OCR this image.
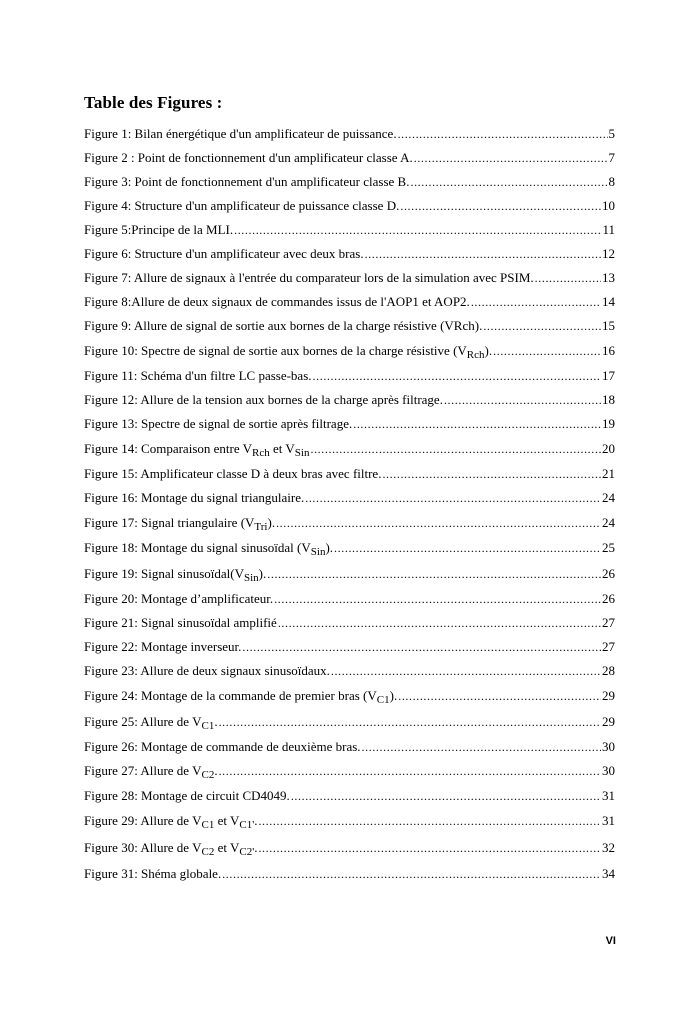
Table des Figures :
Figure 1: Bilan énergétique d'un amplificateur de puissance. .....	5
Figure 2 : Point de fonctionnement d'un amplificateur classe A. .....	7
Figure 3: Point de fonctionnement d'un amplificateur classe B. .....	8
Figure 4: Structure d'un amplificateur de puissance classe D. .....	10
Figure 5:Principe de la MLI. .....	11
Figure 6: Structure d'un amplificateur avec deux bras. .....	12
Figure 7: Allure de signaux à l'entrée du comparateur lors de la simulation avec PSIM. .....	13
Figure 8:Allure de deux signaux de commandes issus de l'AOP1 et AOP2. .....	14
Figure 9: Allure de signal de sortie aux bornes de la charge résistive (VRch). .....	15
Figure 10: Spectre de signal de sortie aux bornes de la charge résistive $(V_{Rch})$. .....	16
Figure 11: Schéma d'un filtre LC passe-bas. .....	17
Figure 12: Allure de la tension aux bornes de la charge après filtrage. .....	18
Figure 13: Spectre de signal de sortie après filtrage. .....	19
Figure 14: Comparaison entre $V_{Rch}$ et $V_{Sin}$ .....	20
Figure 15: Amplificateur classe D à deux bras avec filtre. .....	21
Figure 16: Montage du signal triangulaire. .....	24
Figure 17: Signal triangulaire $(V_{Tri})$. .....	24
Figure 18: Montage du signal sinusoïdal $(V_{Sin})$. .....	25
Figure 19: Signal $sinusoïdal(V_{Sin})$. .....	26
Figure 20: Montage d’amplificateur. .....	26
Figure 21: Signal sinusoïdal amplifié .....	27
Figure 22: Montage inverseur. .....	27
Figure 23: Allure de deux signaux sinusoïdaux. .....	28
Figure 24: Montage de la commande de premier bras $(V_{C1})$. .....	29
Figure 25: Allure de $V_{C1}$. .....	29
Figure 26: Montage de commande de deuxième bras. .....	30
Figure 27: Allure de $V_{C2}$. .....	30
Figure 28: Montage de circuit CD4049. .....	31
Figure 29: Allure de $V_{C1}$ et $V_{C1'}$. .....	31
Figure 30: Allure de $V_{C2}$ et $V_{C2'}$. .....	32
Figure 31: Shéma globale. .....	34
VI
